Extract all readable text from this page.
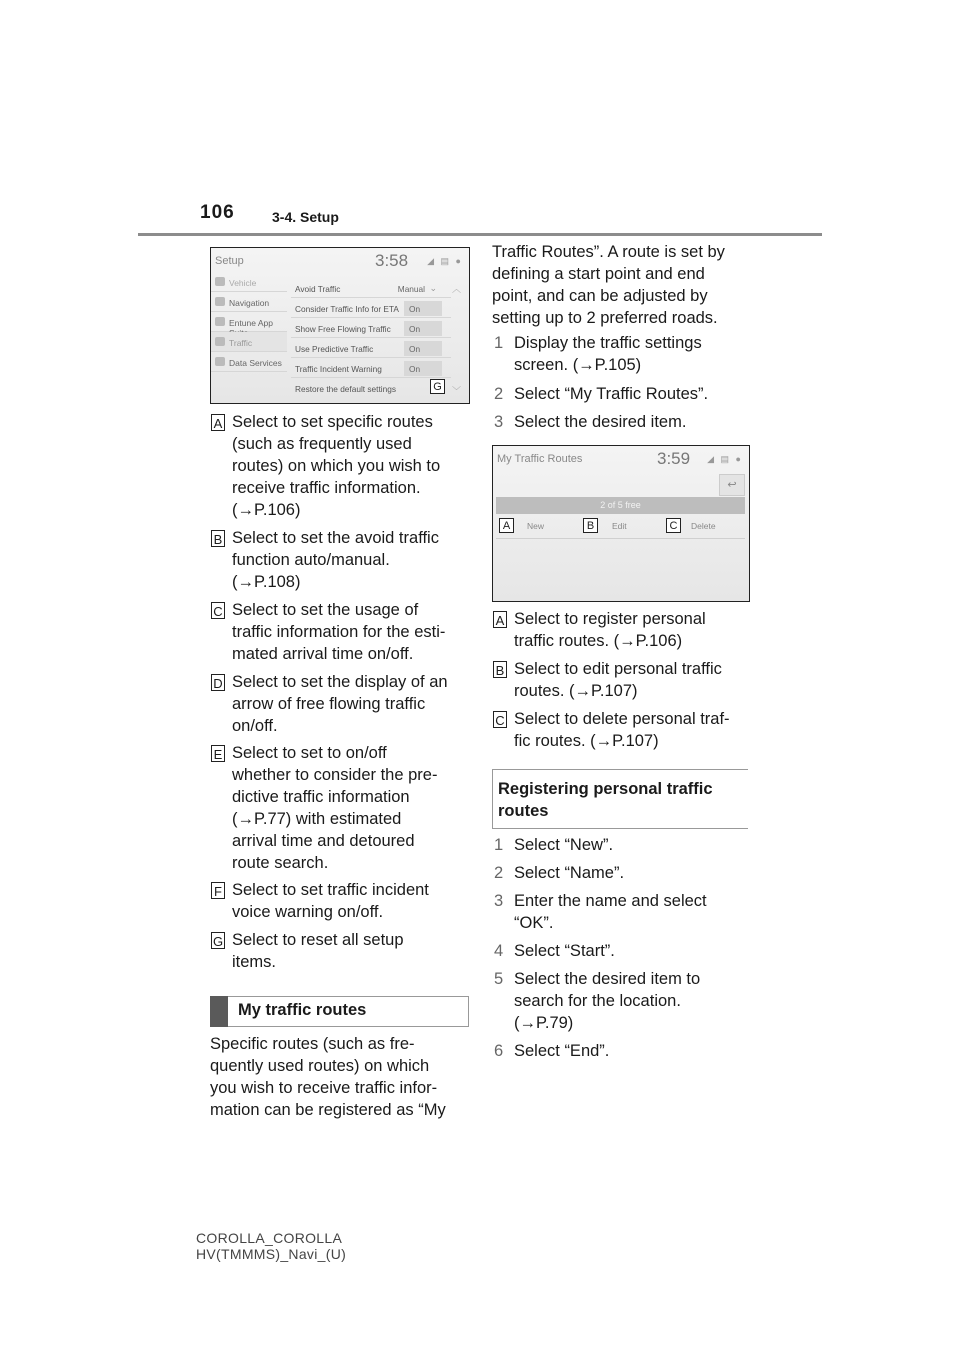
106	3-4. Setup
Setup	3:58 ◢ ▤ ●
Vehicle
Navigation
Entune App
Traffic
Data Services
Avoid Traffic	Manual ⌄
Consider Traffic Info for ETA On
Show Free Flowing Traffic On
Use Predictive Traffic	On
Traffic Incident Warning	On
Restore the default settings
︿
﹀
G
A Select to set specific routes
(such as frequently used
routes) on which you wish to
receive traffic information.
(→P.106)
B Select to set the avoid traffic
function auto/manual.
(→P.108)
C Select to set the usage of
traffic information for the esti-
mated arrival time on/off.
D Select to set the display of an
arrow of free flowing traffic
on/off.
E Select to set to on/off
whether to consider the pre-
dictive traffic information
(→P.77) with estimated
arrival time and detoured
route search.
F Select to set traffic incident
voice warning on/off.
G Select to reset all setup
items.
My traffic routes
Specific routes (such as fre-
quently used routes) on which
you wish to receive traffic infor-
mation can be registered as “My
Traffic Routes”. A route is set by
defining a start point and end
point, and can be adjusted by
setting up to 2 preferred roads.
1 Display the traffic settings
screen. (→P.105)
2 Select “My Traffic Routes”.
3 Select the desired item.
My Traffic Routes	3:59 ◢ ▤ ●
↩
2 of 5 free
A	New	B	Edit	C	Delete
A Select to register personal
traffic routes. (→P.106)
B Select to edit personal traffic
routes. (→P.107)
C Select to delete personal traf-
fic routes. (→P.107)
Registering personal traffic
routes
1 Select “New”.
2 Select “Name”.
3 Enter the name and select
“OK”.
4 Select “Start”.
5 Select the desired item to
search for the location.
(→P.79)
6 Select “End”.
COROLLA_COROLLA
HV(TMMMS)_Navi_(U)
